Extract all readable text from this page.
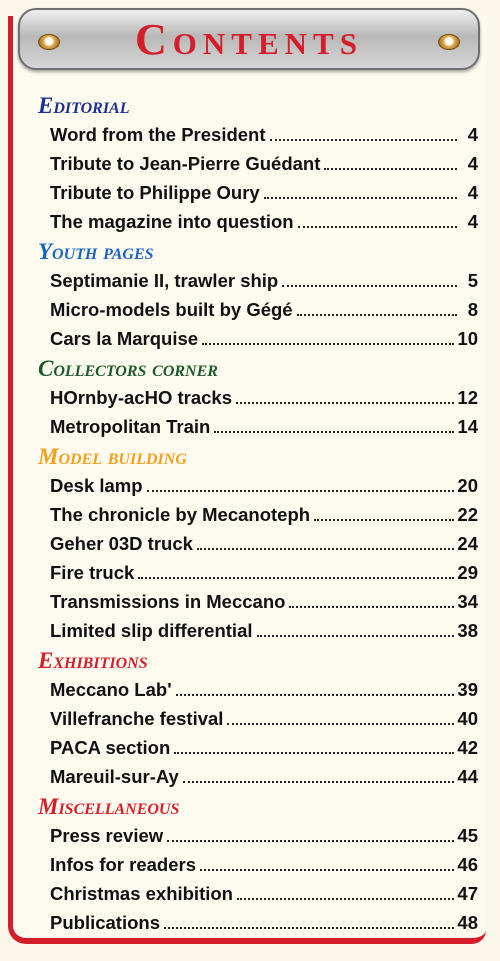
Contents
Editorial
Word from the President	4
Tribute to Jean-Pierre Guédant	4
Tribute to Philippe Oury	4
The magazine into question	4
Youth pages
Septimanie II, trawler ship	5
Micro-models built by Gégé	8
Cars la Marquise	10
Collectors corner
HOrnby-acHO tracks	12
Metropolitan Train	14
Model building
Desk lamp	20
The chronicle by Mecanoteph	22
Geher 03D truck	24
Fire truck	29
Transmissions in Meccano	34
Limited slip differential	38
Exhibitions
Meccano Lab'	39
Villefranche festival	40
PACA section	42
Mareuil-sur-Ay	44
Miscellaneous
Press review	45
Infos for readers	46
Christmas exhibition	47
Publications	48
